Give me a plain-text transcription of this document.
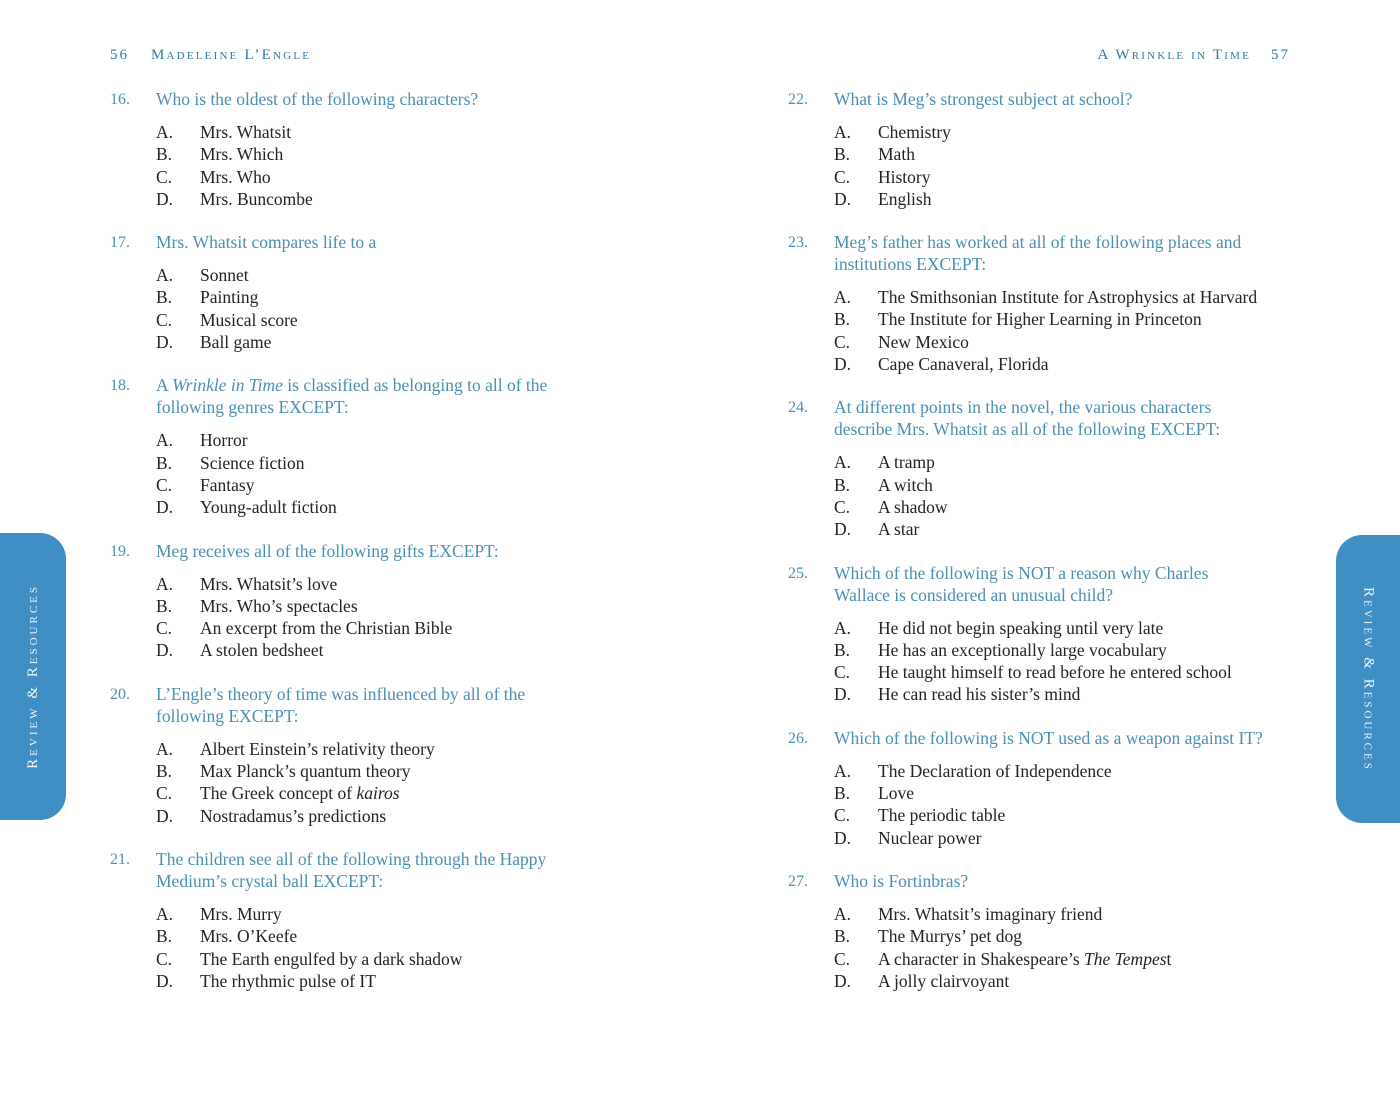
Review & Resources	Review & Resources
56 Madeleine L’Engle
16.	Who is the oldest of the following characters?
A.	Mrs. Whatsit
B.	Mrs. Which
C.	Mrs. Who
D.	Mrs. Buncombe
17.	Mrs. Whatsit compares life to a
A.	Sonnet
B.	Painting
C.	Musical score
D.	Ball game
18.	A Wrinkle in Time is classified as belonging to all of the
following genres EXCEPT:
A.	Horror
B.	Science fiction
C.	Fantasy
D.	Young-adult fiction
19.	Meg receives all of the following gifts EXCEPT:
A.	Mrs. Whatsit’s love
B.	Mrs. Who’s spectacles
C.	An excerpt from the Christian Bible
D.	A stolen bedsheet
20.	L’Engle’s theory of time was influenced by all of the
following EXCEPT:
A.	Albert Einstein’s relativity theory
B.	Max Planck’s quantum theory
C.	The Greek concept of kairos
D.	Nostradamus’s predictions
21.	The children see all of the following through the Happy
Medium’s crystal ball EXCEPT:
A.	Mrs. Murry
B.	Mrs. O’Keefe
C.	The Earth engulfed by a dark shadow
D.	The rhythmic pulse of IT
A Wrinkle in Time 57
22.	What is Meg’s strongest subject at school?
A.	Chemistry
B.	Math
C.	History
D.	English
23.	Meg’s father has worked at all of the following places and
institutions EXCEPT:
A.	The Smithsonian Institute for Astrophysics at Harvard
B.	The Institute for Higher Learning in Princeton
C.	New Mexico
D.	Cape Canaveral, Florida
24.	At different points in the novel, the various characters
describe Mrs. Whatsit as all of the following EXCEPT:
A.	A tramp
B.	A witch
C.	A shadow
D.	A star
25.	Which of the following is NOT a reason why Charles
Wallace is considered an unusual child?
A.	He did not begin speaking until very late
B.	He has an exceptionally large vocabulary
C.	He taught himself to read before he entered school
D.	He can read his sister’s mind
26.	Which of the following is NOT used as a weapon against IT?
A.	The Declaration of Independence
B.	Love
C.	The periodic table
D.	Nuclear power
27.	Who is Fortinbras?
A.	Mrs. Whatsit’s imaginary friend
B.	The Murrys’ pet dog
C.	A character in Shakespeare’s The Tempest
D.	A jolly clairvoyant
